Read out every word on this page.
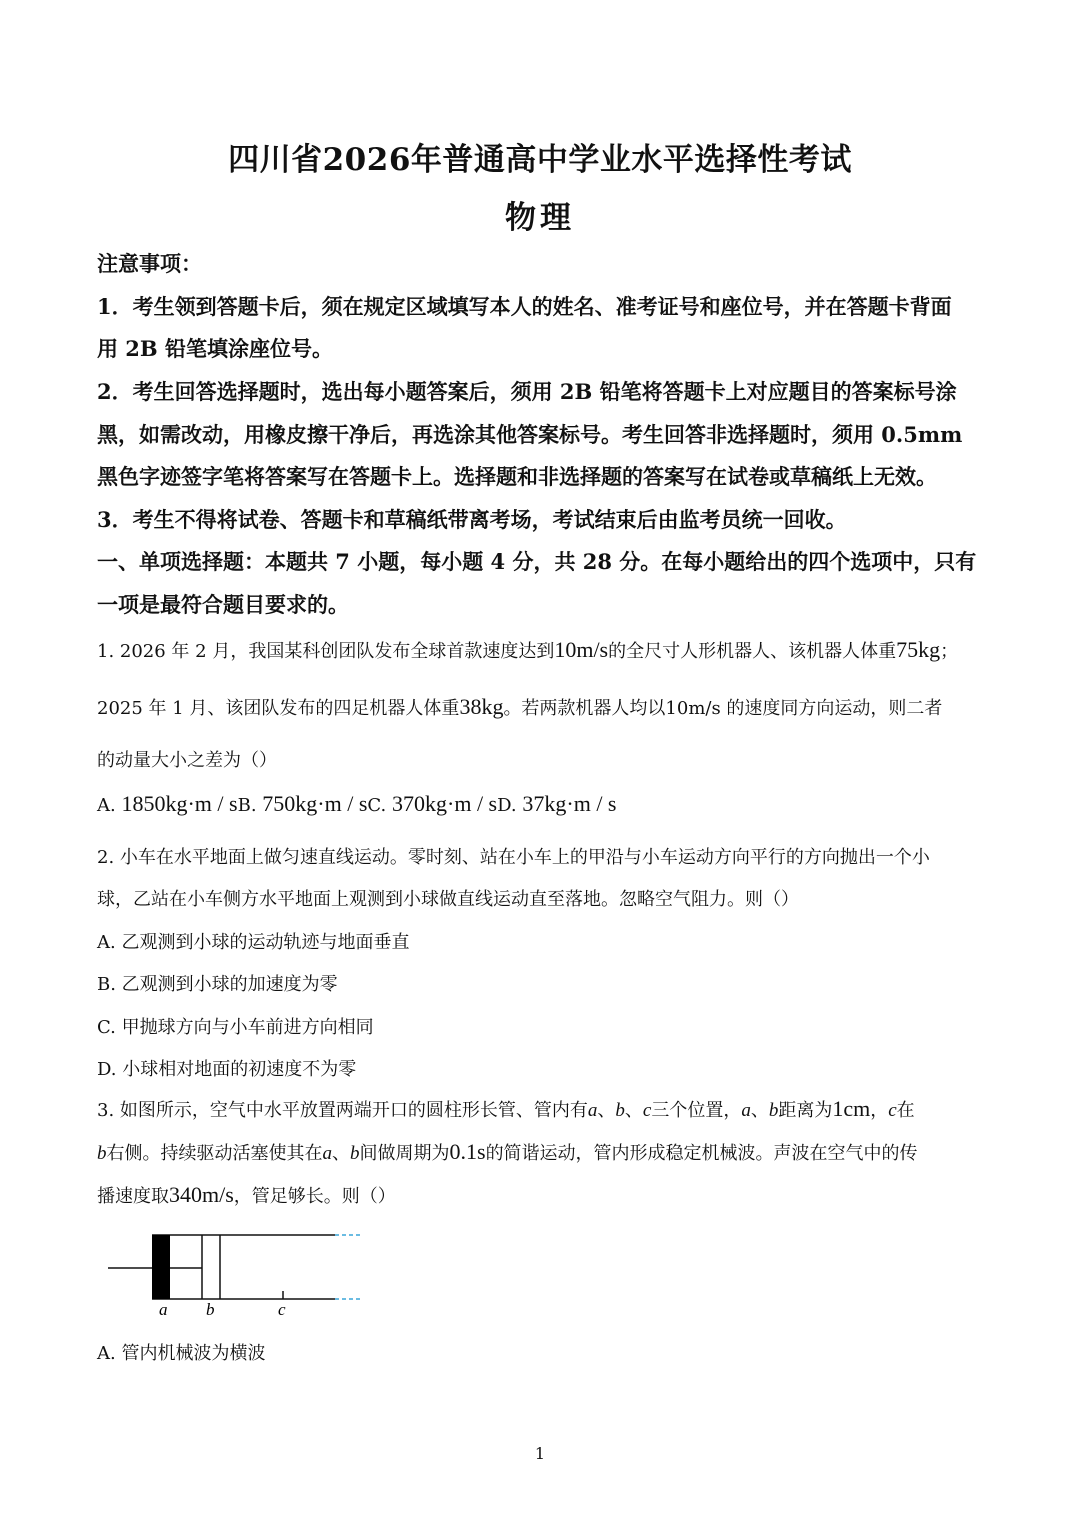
四川省2026年普通高中学业水平选择性考试
物理
注意事项：
1．考生领到答题卡后，须在规定区域填写本人的姓名、准考证号和座位号，并在答题卡背面
用 2B 铅笔填涂座位号。
2．考生回答选择题时，选出每小题答案后，须用 2B 铅笔将答题卡上对应题目的答案标号涂
黑，如需改动，用橡皮擦干净后，再选涂其他答案标号。考生回答非选择题时，须用 0.5mm
黑色字迹签字笔将答案写在答题卡上。选择题和非选择题的答案写在试卷或草稿纸上无效。
3．考生不得将试卷、答题卡和草稿纸带离考场，考试结束后由监考员统一回收。
一、单项选择题：本题共 7 小题，每小题 4 分，共 28 分。在每小题给出的四个选项中，只有
一项是最符合题目要求的。
1. 2026 年 2 月，我国某科创团队发布全球首款速度达到10m/s的全尺寸人形机器人、该机器人体重75kg；
2025 年 1 月、该团队发布的四足机器人体重38kg。若两款机器人均以10m/s 的速度同方向运动，则二者
的动量大小之差为（）
A. 1850kg·m / sB. 750kg·m / sC. 370kg·m / sD. 37kg·m / s
2. 小车在水平地面上做匀速直线运动。零时刻、站在小车上的甲沿与小车运动方向平行的方向抛出一个小
球，乙站在小车侧方水平地面上观测到小球做直线运动直至落地。忽略空气阻力。则（）
A. 乙观测到小球的运动轨迹与地面垂直
B. 乙观测到小球的加速度为零
C. 甲抛球方向与小车前进方向相同
D. 小球相对地面的初速度不为零
3. 如图所示，空气中水平放置两端开口的圆柱形长管、管内有a、b、c三个位置，a、b距离为1cm，c在
b右侧。持续驱动活塞使其在a、b间做周期为0.1s的简谐运动，管内形成稳定机械波。声波在空气中的传
播速度取340m/s，管足够长。则（）
a b	c
A. 管内机械波为横波
1
